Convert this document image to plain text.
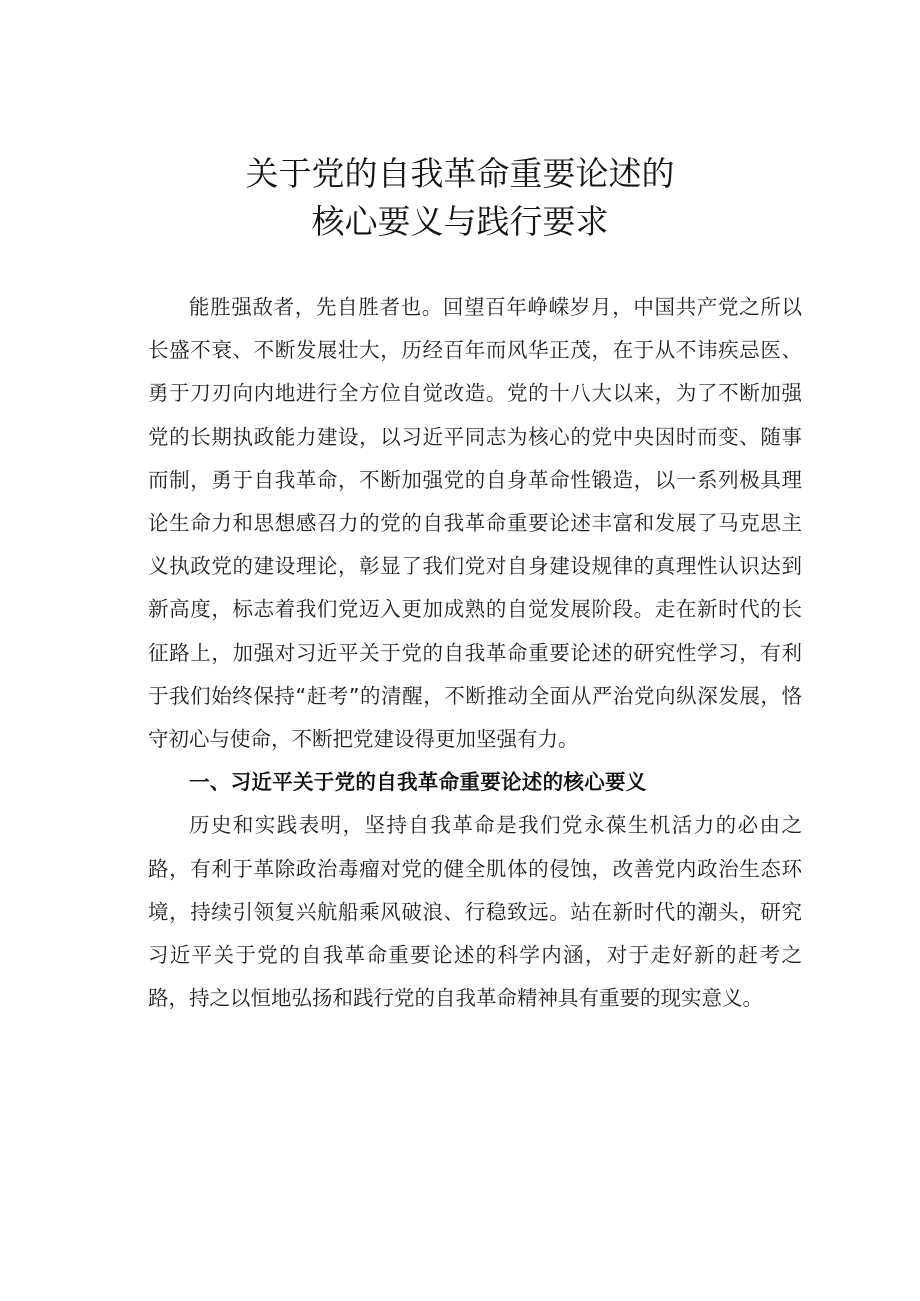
关于党的自我革命重要论述的
核心要义与践行要求

能胜强敌者，先自胜者也。回望百年峥嵘岁月，中国共产党之所以长盛不衰、不断发展壮大，历经百年而风华正茂，在于从不讳疾忌医、勇于刀刃向内地进行全方位自觉改造。党的十八大以来，为了不断加强党的长期执政能力建设，以习近平同志为核心的党中央因时而变、随事而制，勇于自我革命，不断加强党的自身革命性锻造，以一系列极具理论生命力和思想感召力的党的自我革命重要论述丰富和发展了马克思主义执政党的建设理论，彰显了我们党对自身建设规律的真理性认识达到新高度，标志着我们党迈入更加成熟的自觉发展阶段。走在新时代的长征路上，加强对习近平关于党的自我革命重要论述的研究性学习，有利于我们始终保持“赶考”的清醒，不断推动全面从严治党向纵深发展，恪守初心与使命，不断把党建设得更加坚强有力。

一、习近平关于党的自我革命重要论述的核心要义

历史和实践表明，坚持自我革命是我们党永葆生机活力的必由之路，有利于革除政治毒瘤对党的健全肌体的侵蚀，改善党内政治生态环境，持续引领复兴航船乘风破浪、行稳致远。站在新时代的潮头，研究习近平关于党的自我革命重要论述的科学内涵，对于走好新的赶考之路，持之以恒地弘扬和践行党的自我革命精神具有重要的现实意义。
